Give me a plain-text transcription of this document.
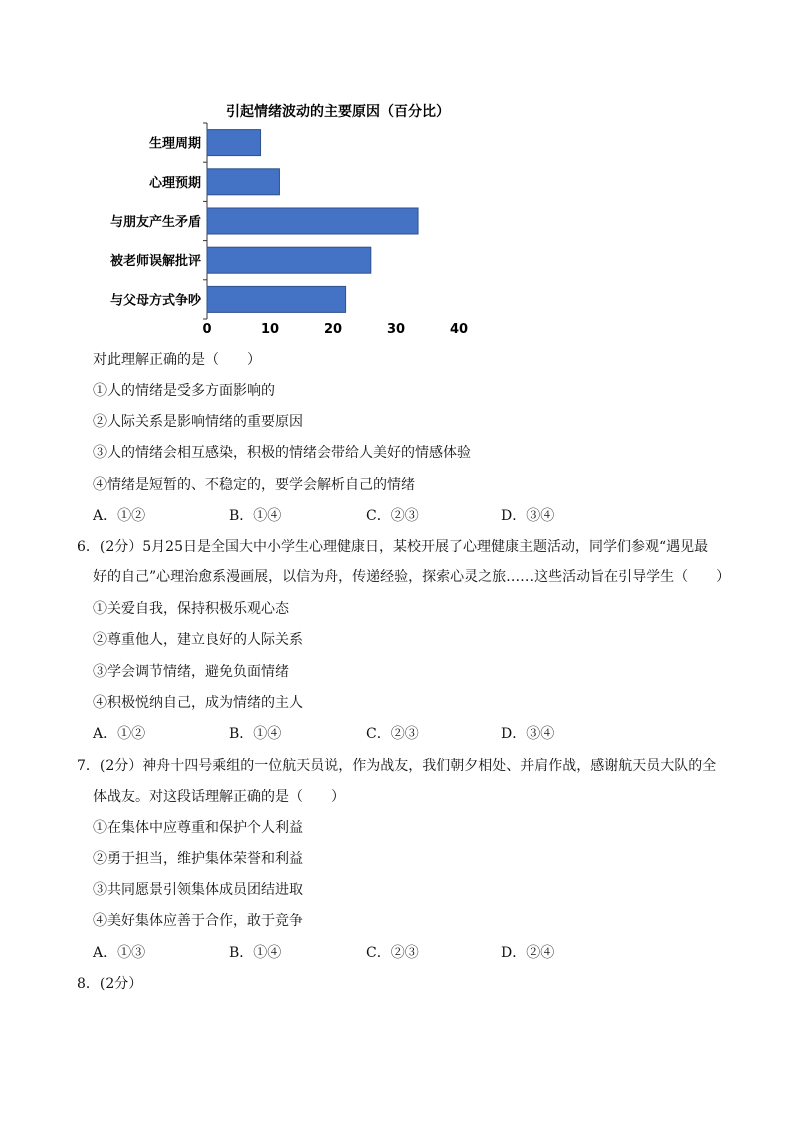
引起情绪波动的主要原因（百分比）
生理周期
心理预期
与朋友产生矛盾
被老师误解批评
与父母方式争吵
0	10	20	30	40
对此理解正确的是（　　）
①人的情绪是受多方面影响的
②人际关系是影响情绪的重要原因
③人的情绪会相互感染，积极的情绪会带给人美好的情感体验
④情绪是短暂的、不稳定的，要学会解析自己的情绪
A．①②	B．①④	C．②③	D．③④
6．(2分）5月25日是全国大中小学生心理健康日，某校开展了心理健康主题活动，同学们参观“遇见最
好的自己”心理治愈系漫画展，以信为舟，传递经验，探索心灵之旅……这些活动旨在引导学生（　　）
①关爱自我，保持积极乐观心态
②尊重他人，建立良好的人际关系
③学会调节情绪，避免负面情绪
④积极悦纳自己，成为情绪的主人
A．①②	B．①④	C．②③	D．③④
7．(2分）神舟十四号乘组的一位航天员说，作为战友，我们朝夕相处、并肩作战，感谢航天员大队的全
体战友。对这段话理解正确的是（　　）
①在集体中应尊重和保护个人利益
②勇于担当，维护集体荣誉和利益
③共同愿景引领集体成员团结进取
④美好集体应善于合作，敢于竞争
A．①③	B．①④	C．②③	D．②④
8．(2分）
